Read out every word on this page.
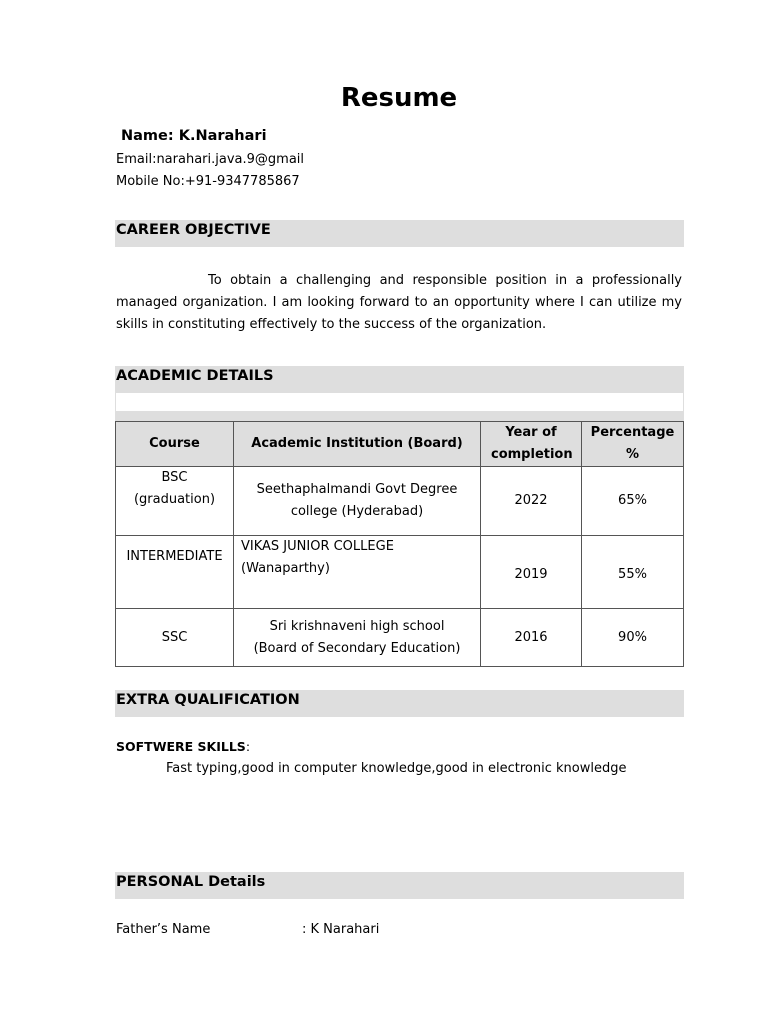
Resume
Name: K.Narahari
Email:narahari.java.9@gmail
Mobile No:+91-9347785867
CAREER OBJECTIVE
To obtain a challenging and responsible position in a professionally managed organization. I am looking forward to an opportunity where I can utilize my skills in constituting effectively to the success of the organization.
ACADEMIC DETAILS
Course	Academic Institution (Board)	Year of completion	Percentage %
BSC (graduation)	Seethaphalmandi Govt Degree college (Hyderabad)	2022	65%
INTERMEDIATE	VIKAS JUNIOR COLLEGE (Wanaparthy)	2019	55%
SSC	Sri krishnaveni high school (Board of Secondary Education)	2016	90%
EXTRA QUALIFICATION
SOFTWERE SKILLS:
Fast typing,good in computer knowledge,good in electronic knowledge
PERSONAL Details
Father’s Name	: K Narahari
